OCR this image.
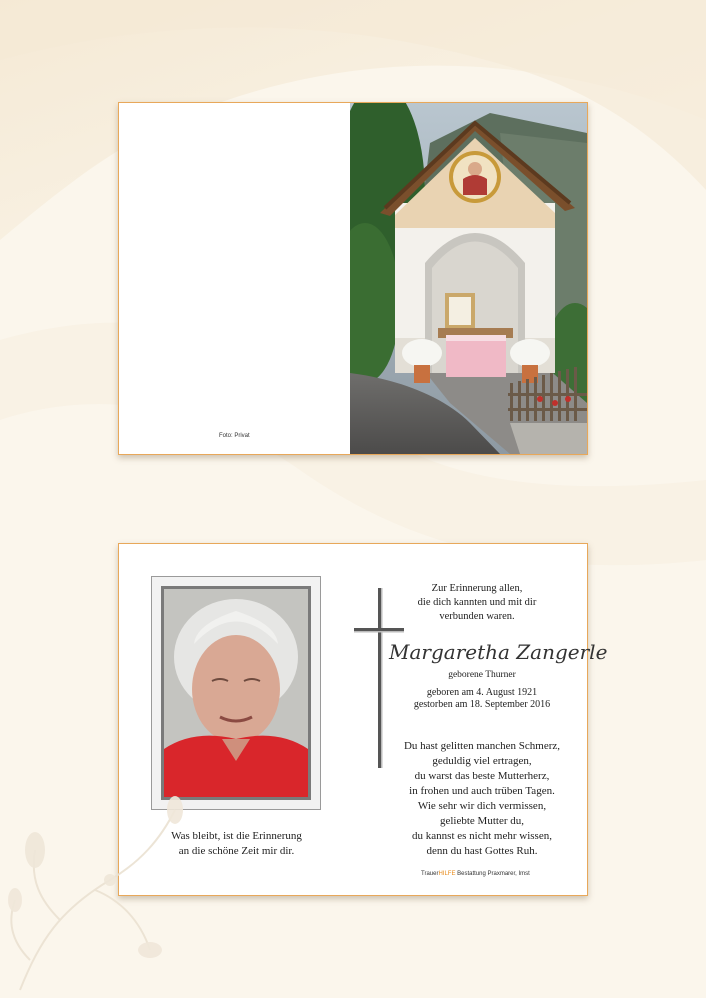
Foto: Privat
Was bleibt, ist die Erinnerung
an die schöne Zeit mir dir.
Zur Erinnerung allen,
die dich kannten und mit dir
verbunden waren.
Margaretha Zangerle
geborene Thurner
geboren am 4. August 1921
gestorben am 18. September 2016
Du hast gelitten manchen Schmerz,
geduldig viel ertragen,
du warst das beste Mutterherz,
in frohen und auch trüben Tagen.
Wie sehr wir dich vermissen,
geliebte Mutter du,
du kannst es nicht mehr wissen,
denn du hast Gottes Ruh.
TrauerHILFE Bestattung Praxmarer, Imst
